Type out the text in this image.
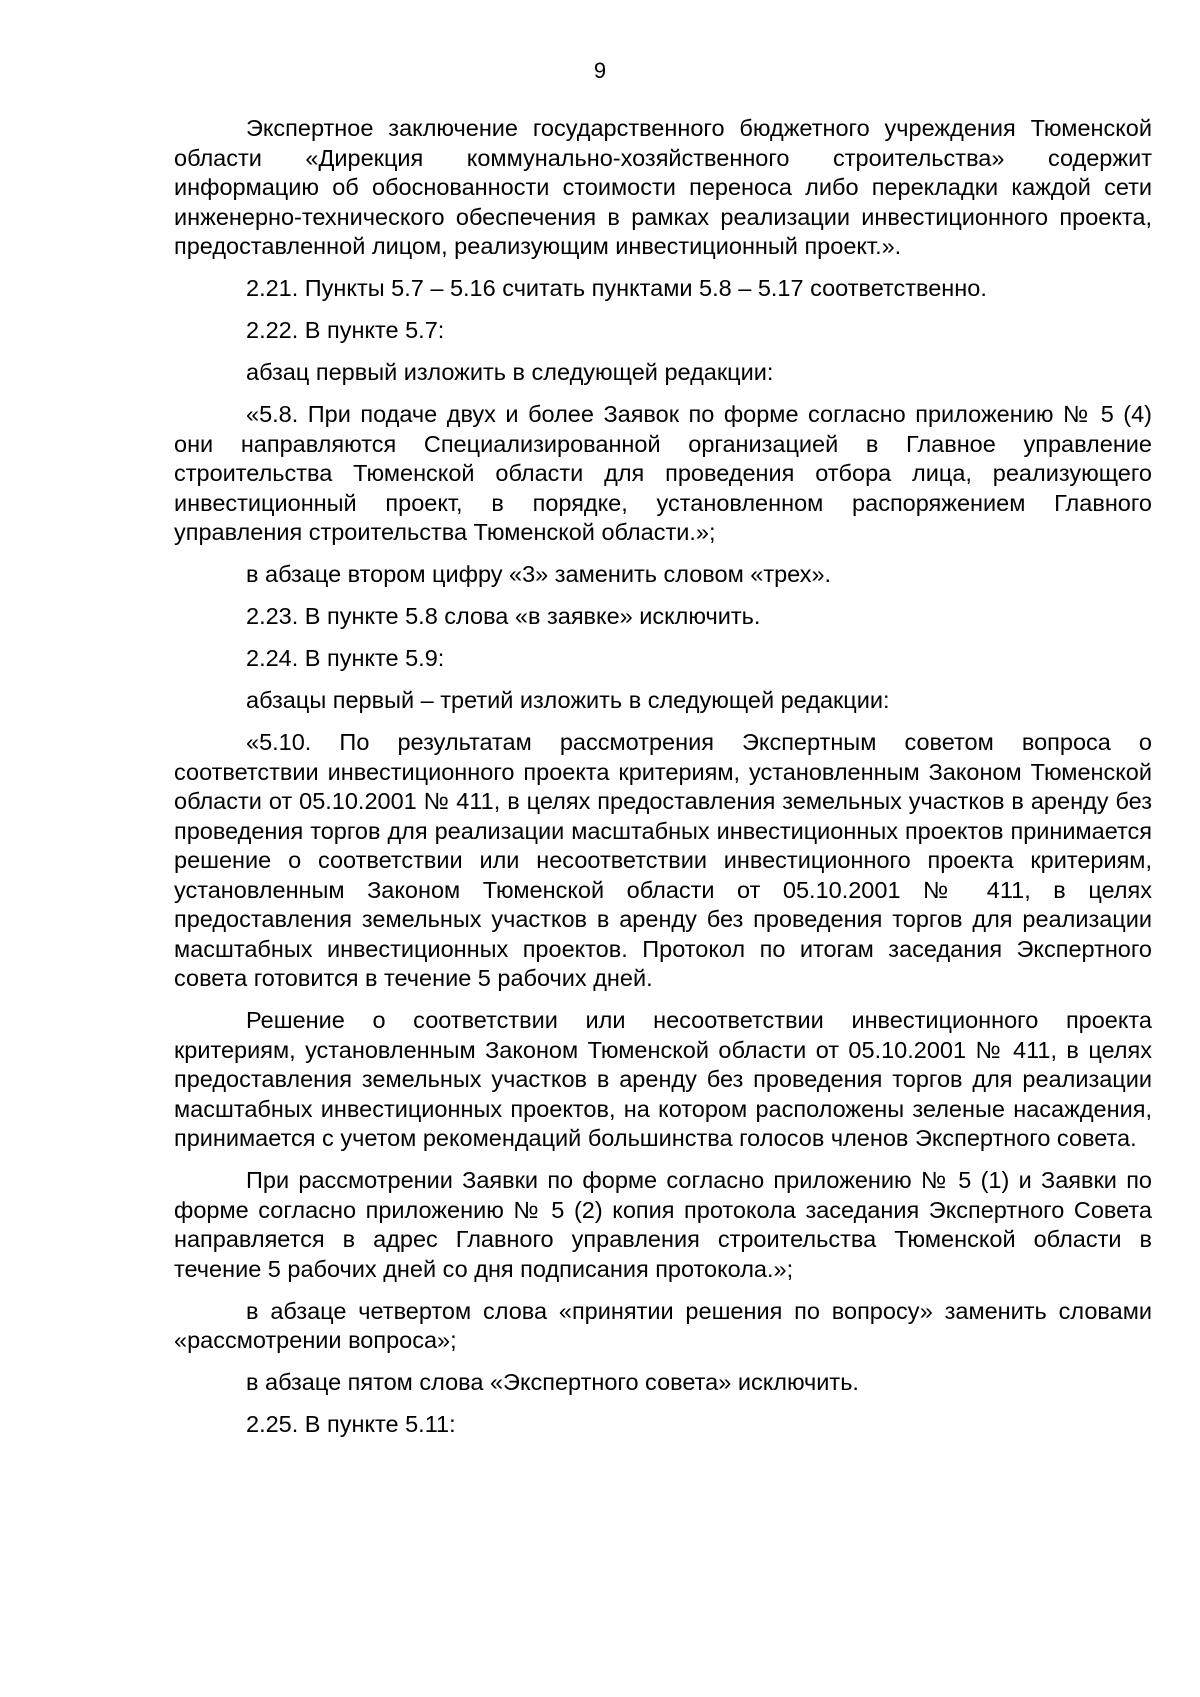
9

Экспертное заключение государственного бюджетного учреждения Тюменской области «Дирекция коммунально-хозяйственного строительства» содержит информацию об обоснованности стоимости переноса либо перекладки каждой сети инженерно-технического обеспечения в рамках реализации инвестиционного проекта, предоставленной лицом, реализующим инвестиционный проект.».

2.21. Пункты 5.7 – 5.16 считать пунктами 5.8 – 5.17 соответственно.

2.22. В пункте 5.7:

абзац первый изложить в следующей редакции:

«5.8. При подаче двух и более Заявок по форме согласно приложению № 5 (4) они направляются Специализированной организацией в Главное управление строительства Тюменской области для проведения отбора лица, реализующего инвестиционный проект, в порядке, установленном распоряжением Главного управления строительства Тюменской области.»;

в абзаце втором цифру «3» заменить словом «трех».

2.23. В пункте 5.8 слова «в заявке» исключить.

2.24. В пункте 5.9:

абзацы первый – третий изложить в следующей редакции:

«5.10. По результатам рассмотрения Экспертным советом вопроса о соответствии инвестиционного проекта критериям, установленным Законом Тюменской области от 05.10.2001 № 411, в целях предоставления земельных участков в аренду без проведения торгов для реализации масштабных инвестиционных проектов принимается решение о соответствии или несоответствии инвестиционного проекта критериям, установленным Законом Тюменской области от 05.10.2001 № 411, в целях предоставления земельных участков в аренду без проведения торгов для реализации масштабных инвестиционных проектов. Протокол по итогам заседания Экспертного совета готовится в течение 5 рабочих дней.

Решение о соответствии или несоответствии инвестиционного проекта критериям, установленным Законом Тюменской области от 05.10.2001 № 411, в целях предоставления земельных участков в аренду без проведения торгов для реализации масштабных инвестиционных проектов, на котором расположены зеленые насаждения, принимается с учетом рекомендаций большинства голосов членов Экспертного совета.

При рассмотрении Заявки по форме согласно приложению № 5 (1) и Заявки по форме согласно приложению № 5 (2) копия протокола заседания Экспертного Совета направляется в адрес Главного управления строительства Тюменской области в течение 5 рабочих дней со дня подписания протокола.»;

в абзаце четвертом слова «принятии решения по вопросу» заменить словами «рассмотрении вопроса»;

в абзаце пятом слова «Экспертного совета» исключить.

2.25. В пункте 5.11:
